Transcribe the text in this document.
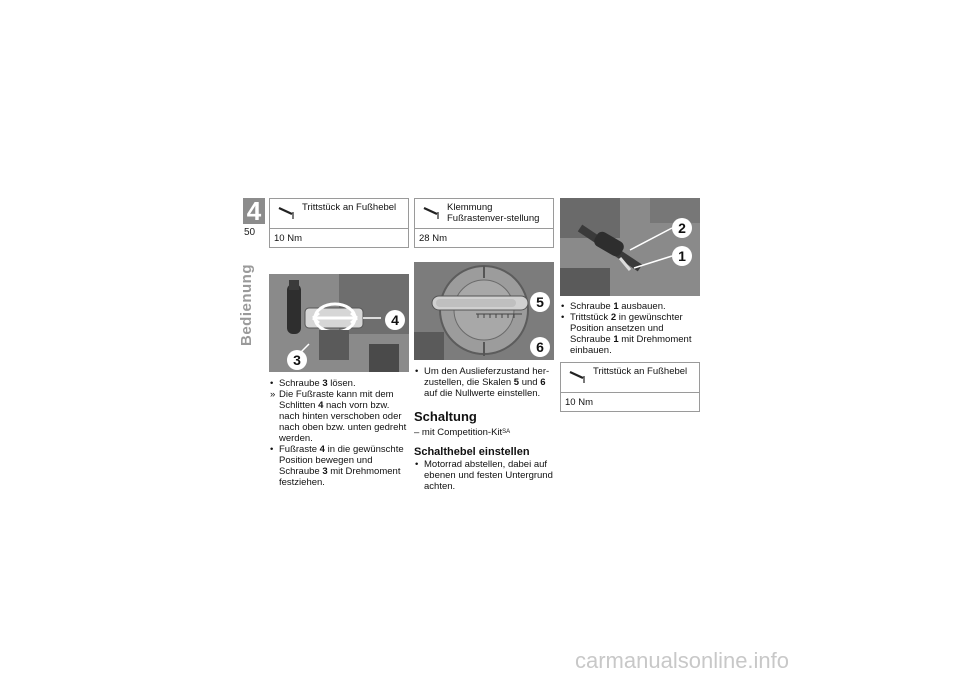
4
50
Bedienung
Trittstück an Fußhebel
10 Nm
4
3
• Schraube 3 lösen.
» Die Fußraste kann mit dem Schlitten 4 nach vorn bzw. nach hinten verschoben oder nach oben bzw. unten gedreht werden.
• Fußraste 4 in die gewünschte Position bewegen und Schraube 3 mit Drehmoment festziehen.
Klemmung Fußrastenver-stellung
28 Nm
5
6
• Um den Auslieferzustand her-zustellen, die Skalen 5 und 6 auf die Nullwerte einstellen.
Schaltung
– mit Competition-Kit$^{SA}$
Schalthebel einstellen
• Motorrad abstellen, dabei auf ebenen und festen Untergrund achten.
2
1
• Schraube 1 ausbauen.
• Trittstück 2 in gewünschter Position ansetzen und Schraube 1 mit Drehmoment einbauen.
Trittstück an Fußhebel
10 Nm
carmanualsonline.info
